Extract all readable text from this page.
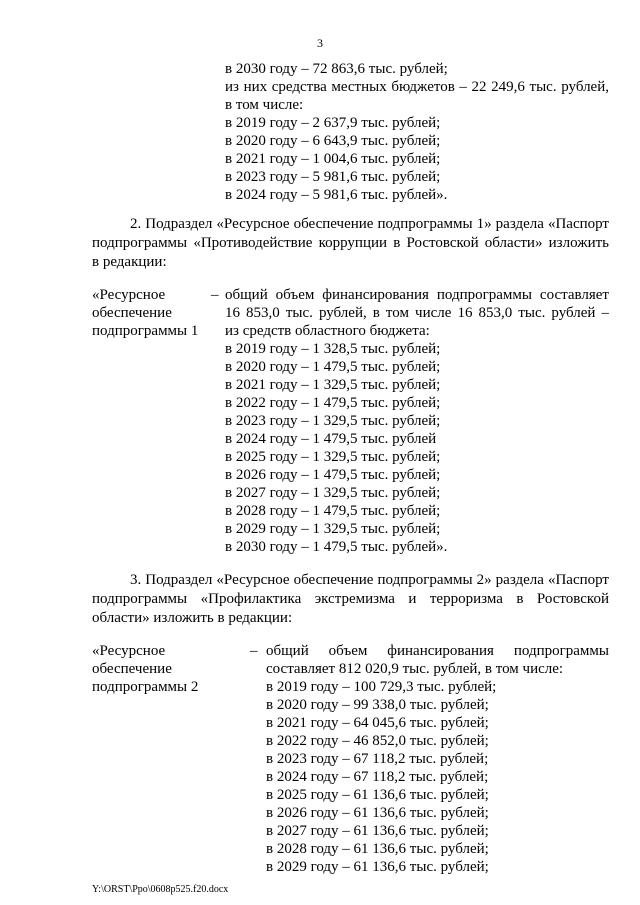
3
в 2030 году – 72 863,6 тыс. рублей;
из них средства местных бюджетов – 22 249,6 тыс. рублей,
в том числе:
в 2019 году – 2 637,9 тыс. рублей;
в 2020 году – 6 643,9 тыс. рублей;
в 2021 году – 1 004,6 тыс. рублей;
в 2023 году – 5 981,6 тыс. рублей;
в 2024 году – 5 981,6 тыс. рублей».
2. Подраздел «Ресурсное обеспечение подпрограммы 1» раздела «Паспорт
подпрограммы «Противодействие коррупции в Ростовской области» изложить
в редакции:
«Ресурсное
обеспечение
подпрограммы 1
– общий объем финансирования подпрограммы составляет
16 853,0 тыс. рублей, в том числе 16 853,0 тыс. рублей –
из средств областного бюджета:
в 2019 году – 1 328,5 тыс. рублей;
в 2020 году – 1 479,5 тыс. рублей;
в 2021 году – 1 329,5 тыс. рублей;
в 2022 году – 1 479,5 тыс. рублей;
в 2023 году – 1 329,5 тыс. рублей;
в 2024 году – 1 479,5 тыс. рублей
в 2025 году – 1 329,5 тыс. рублей;
в 2026 году – 1 479,5 тыс. рублей;
в 2027 году – 1 329,5 тыс. рублей;
в 2028 году – 1 479,5 тыс. рублей;
в 2029 году – 1 329,5 тыс. рублей;
в 2030 году – 1 479,5 тыс. рублей».
3. Подраздел «Ресурсное обеспечение подпрограммы 2» раздела «Паспорт
подпрограммы «Профилактика экстремизма и терроризма в Ростовской
области» изложить в редакции:
«Ресурсное
обеспечение
подпрограммы 2
– общий объем финансирования подпрограммы
составляет 812 020,9 тыс. рублей, в том числе:
в 2019 году – 100 729,3 тыс. рублей;
в 2020 году – 99 338,0 тыс. рублей;
в 2021 году – 64 045,6 тыс. рублей;
в 2022 году – 46 852,0 тыс. рублей;
в 2023 году – 67 118,2 тыс. рублей;
в 2024 году – 67 118,2 тыс. рублей;
в 2025 году – 61 136,6 тыс. рублей;
в 2026 году – 61 136,6 тыс. рублей;
в 2027 году – 61 136,6 тыс. рублей;
в 2028 году – 61 136,6 тыс. рублей;
в 2029 году – 61 136,6 тыс. рублей;
Y:\ORST\Ppo\0608p525.f20.docx
